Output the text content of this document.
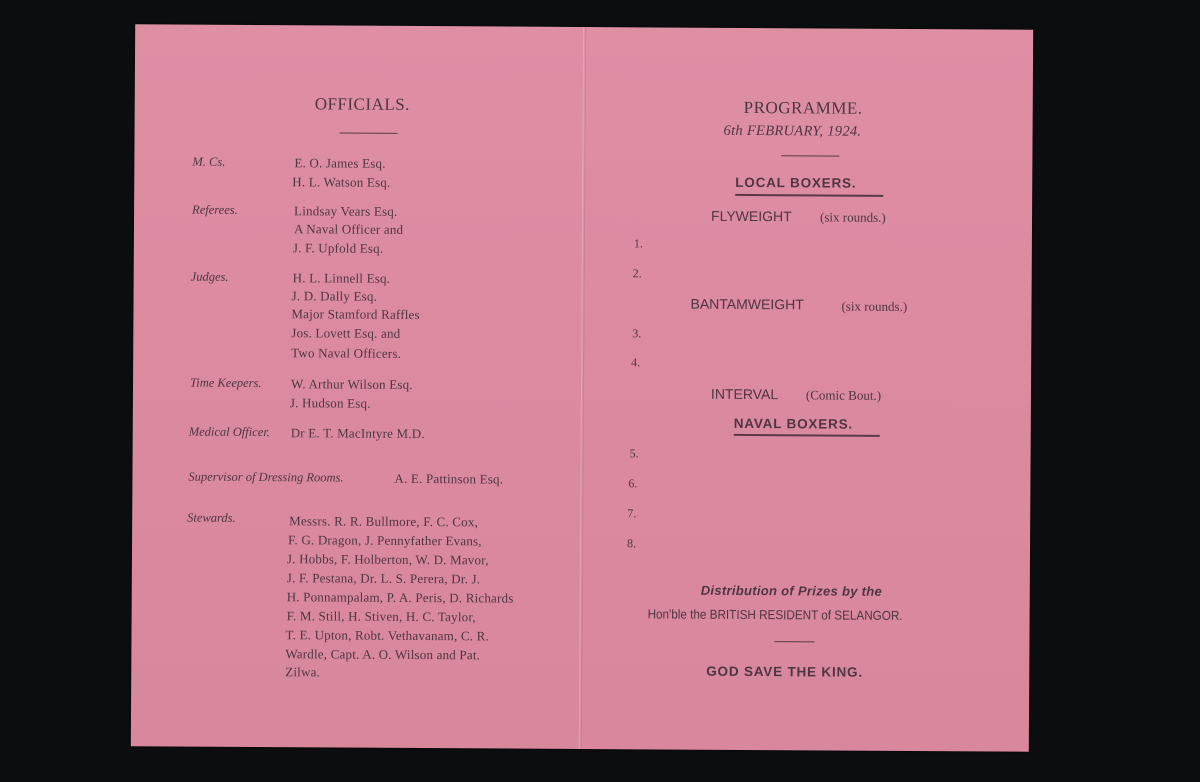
OFFICIALS.
M. Cs.	E. O. James Esq.
H. L. Watson Esq.
Referees.	Lindsay Vears Esq.
A Naval Officer and
J. F. Upfold Esq.
Judges.	H. L. Linnell Esq.
J. D. Dally Esq.
Major Stamford Raffles
Jos. Lovett Esq. and
Two Naval Officers.
Time Keepers. W. Arthur Wilson Esq.
J. Hudson Esq.
Medical Officer. Dr E. T. MacIntyre M.D.
Supervisor of Dressing Rooms.	A. E. Pattinson Esq.
Stewards.	Messrs. R. R. Bullmore, F. C. Cox,
F. G. Dragon, J. Pennyfather Evans,
J. Hobbs, F. Holberton, W. D. Mavor,
J. F. Pestana, Dr. L. S. Perera, Dr. J.
H. Ponnampalam, P. A. Peris, D. Richards
F. M. Still, H. Stiven, H. C. Taylor,
T. E. Upton, Robt. Vethavanam, C. R.
Wardle, Capt. A. O. Wilson and Pat.
Zilwa.
PROGRAMME.
6th FEBRUARY, 1924.
LOCAL BOXERS.
FLYWEIGHT (six rounds.)
1.
2.
BANTAMWEIGHT	(six rounds.)
3.
4.
INTERVAL (Comic Bout.)
NAVAL BOXERS.
5.
6.
7.
8.
Distribution of Prizes by the
Hon'ble the BRITISH RESIDENT of SELANGOR.
GOD SAVE THE KING.
